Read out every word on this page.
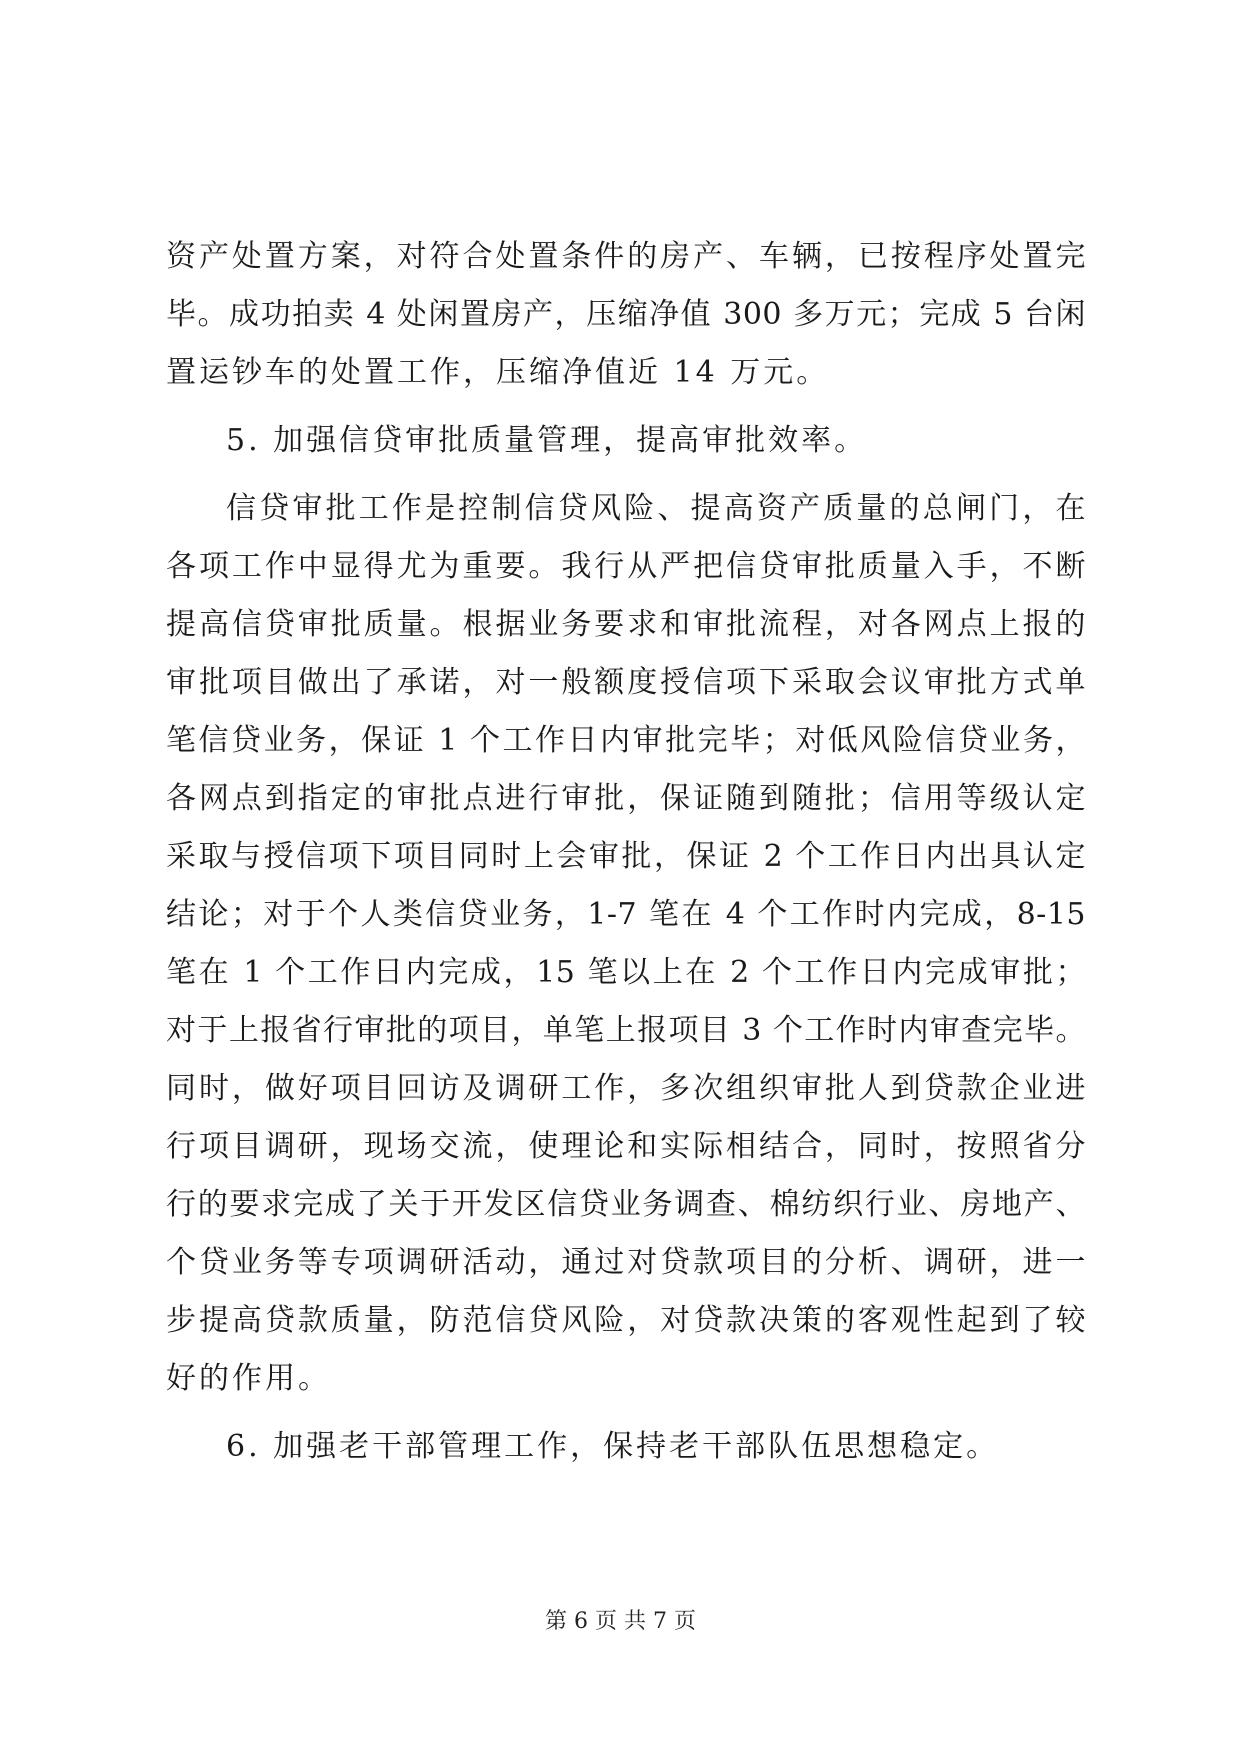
资产处置方案，对符合处置条件的房产、车辆，已按程序处置完
毕。成功拍卖 4 处闲置房产，压缩净值 300 多万元；完成 5 台闲
置运钞车的处置工作，压缩净值近 14 万元。
5. 加强信贷审批质量管理，提高审批效率。
信贷审批工作是控制信贷风险、提高资产质量的总闸门，在
各项工作中显得尤为重要。我行从严把信贷审批质量入手，不断
提高信贷审批质量。根据业务要求和审批流程，对各网点上报的
审批项目做出了承诺，对一般额度授信项下采取会议审批方式单
笔信贷业务，保证 1 个工作日内审批完毕；对低风险信贷业务，
各网点到指定的审批点进行审批，保证随到随批；信用等级认定
采取与授信项下项目同时上会审批，保证 2 个工作日内出具认定
结论；对于个人类信贷业务，1-7 笔在 4 个工作时内完成，8-15
笔在 1 个工作日内完成，15 笔以上在 2 个工作日内完成审批；
对于上报省行审批的项目，单笔上报项目 3 个工作时内审查完毕。
同时，做好项目回访及调研工作，多次组织审批人到贷款企业进
行项目调研，现场交流，使理论和实际相结合，同时，按照省分
行的要求完成了关于开发区信贷业务调查、棉纺织行业、房地产、
个贷业务等专项调研活动，通过对贷款项目的分析、调研，进一
步提高贷款质量，防范信贷风险，对贷款决策的客观性起到了较
好的作用。
6. 加强老干部管理工作，保持老干部队伍思想稳定。
第 6 页 共 7 页
